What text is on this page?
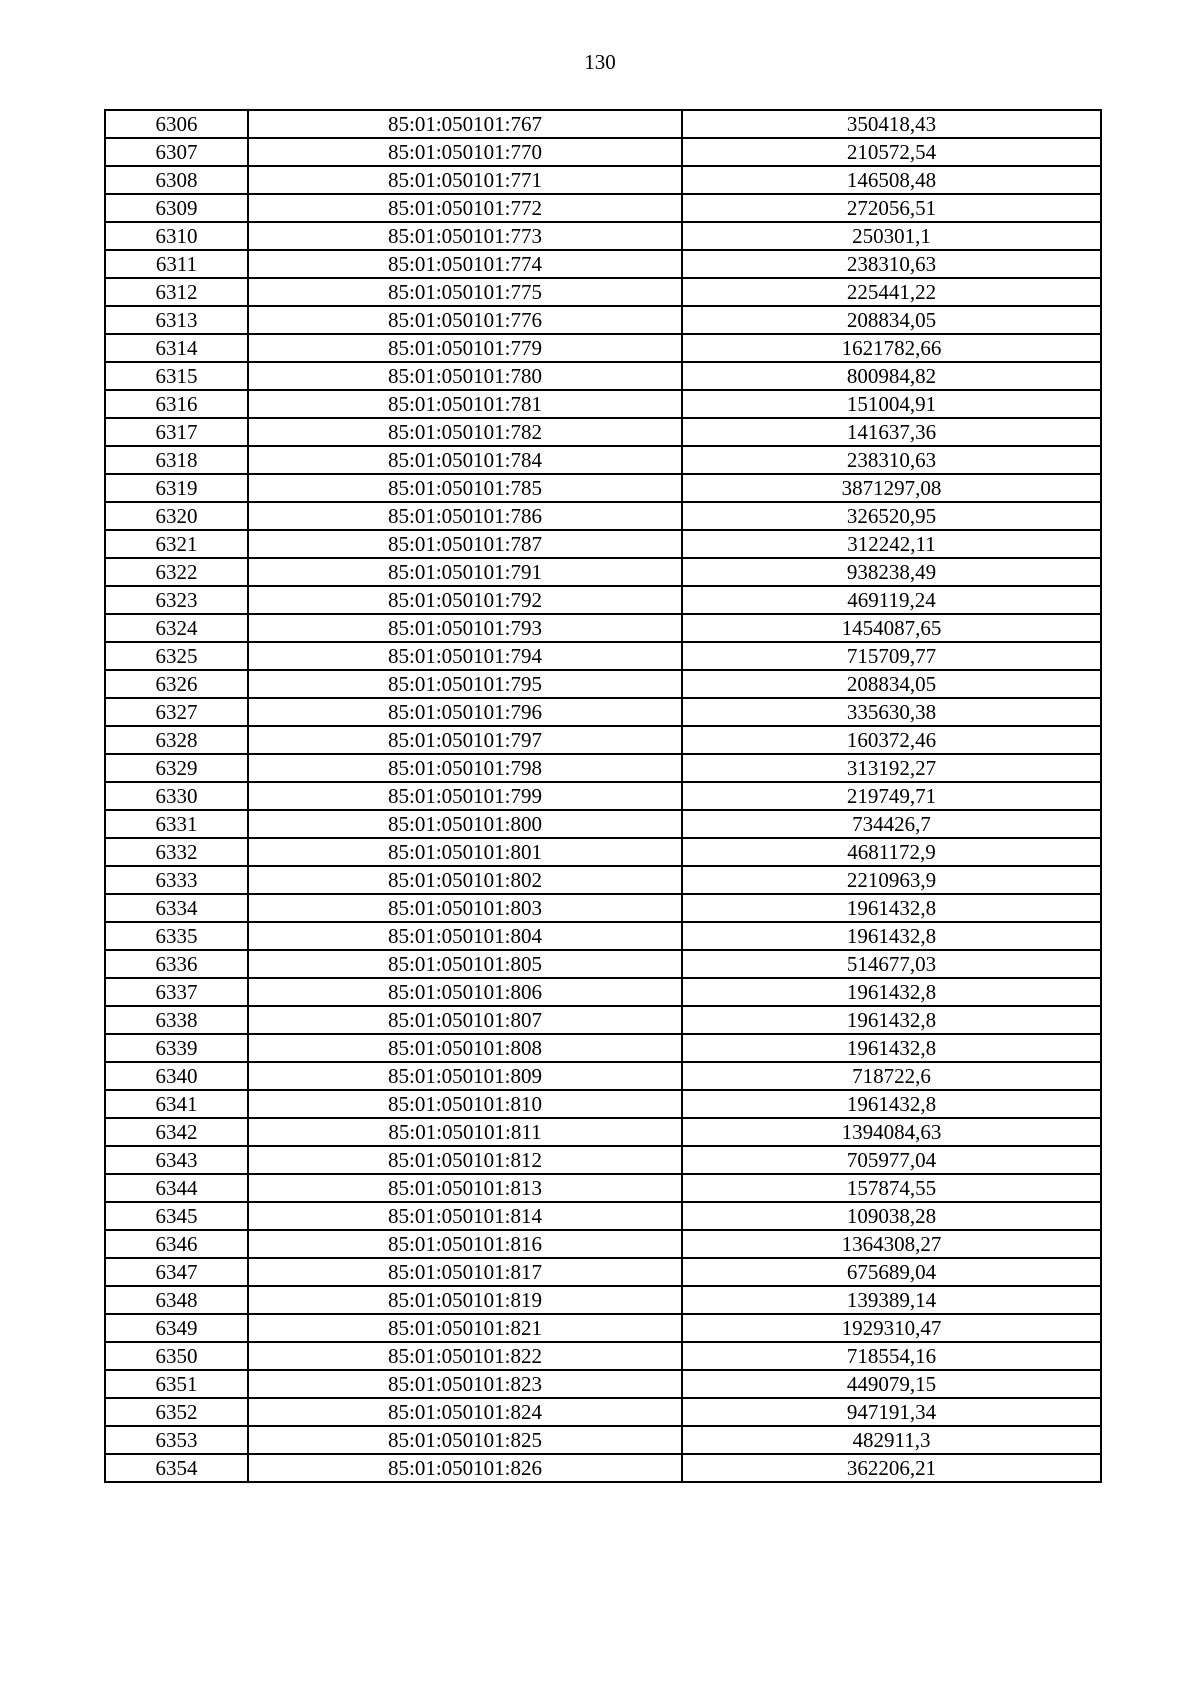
130
6306	85:01:050101:767	350418,43
6307	85:01:050101:770	210572,54
6308	85:01:050101:771	146508,48
6309	85:01:050101:772	272056,51
6310	85:01:050101:773	250301,1
6311	85:01:050101:774	238310,63
6312	85:01:050101:775	225441,22
6313	85:01:050101:776	208834,05
6314	85:01:050101:779	1621782,66
6315	85:01:050101:780	800984,82
6316	85:01:050101:781	151004,91
6317	85:01:050101:782	141637,36
6318	85:01:050101:784	238310,63
6319	85:01:050101:785	3871297,08
6320	85:01:050101:786	326520,95
6321	85:01:050101:787	312242,11
6322	85:01:050101:791	938238,49
6323	85:01:050101:792	469119,24
6324	85:01:050101:793	1454087,65
6325	85:01:050101:794	715709,77
6326	85:01:050101:795	208834,05
6327	85:01:050101:796	335630,38
6328	85:01:050101:797	160372,46
6329	85:01:050101:798	313192,27
6330	85:01:050101:799	219749,71
6331	85:01:050101:800	734426,7
6332	85:01:050101:801	4681172,9
6333	85:01:050101:802	2210963,9
6334	85:01:050101:803	1961432,8
6335	85:01:050101:804	1961432,8
6336	85:01:050101:805	514677,03
6337	85:01:050101:806	1961432,8
6338	85:01:050101:807	1961432,8
6339	85:01:050101:808	1961432,8
6340	85:01:050101:809	718722,6
6341	85:01:050101:810	1961432,8
6342	85:01:050101:811	1394084,63
6343	85:01:050101:812	705977,04
6344	85:01:050101:813	157874,55
6345	85:01:050101:814	109038,28
6346	85:01:050101:816	1364308,27
6347	85:01:050101:817	675689,04
6348	85:01:050101:819	139389,14
6349	85:01:050101:821	1929310,47
6350	85:01:050101:822	718554,16
6351	85:01:050101:823	449079,15
6352	85:01:050101:824	947191,34
6353	85:01:050101:825	482911,3
6354	85:01:050101:826	362206,21
